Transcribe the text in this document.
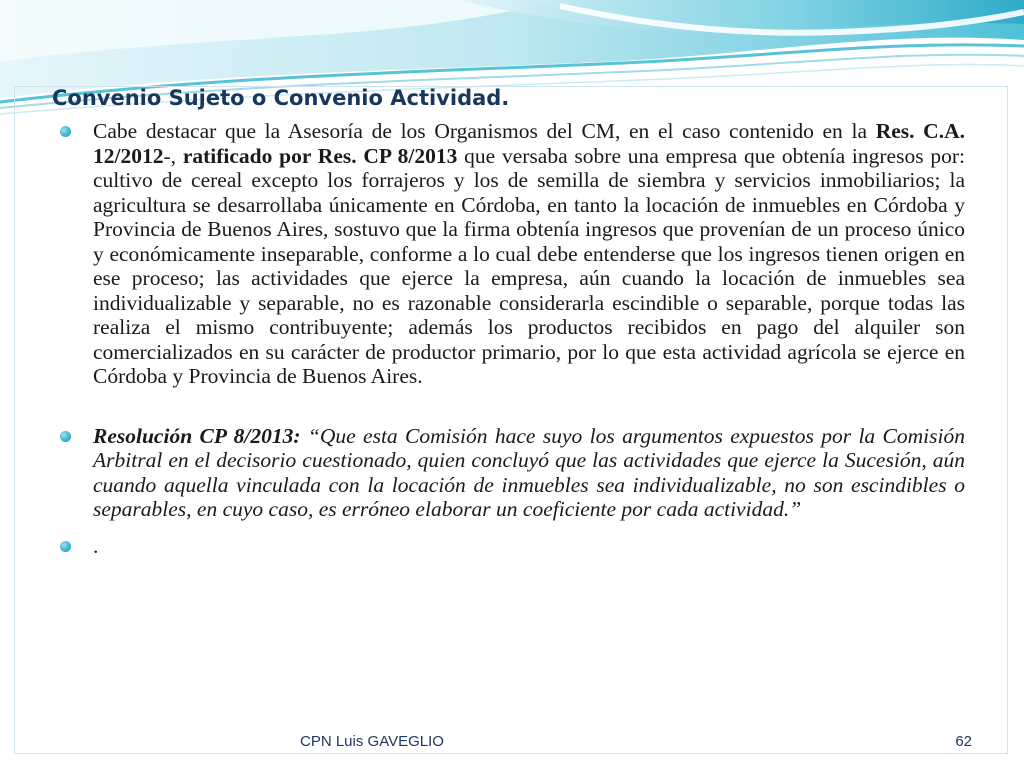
Convenio Sujeto o Convenio Actividad.

Cabe destacar que la Asesoría de los Organismos del CM, en el caso contenido en la Res. C.A. 12/2012-, ratificado por Res. CP 8/2013 que versaba sobre una empresa que obtenía ingresos por: cultivo de cereal excepto los forrajeros y los de semilla de siembra y servicios inmobiliarios; la agricultura se desarrollaba únicamente en Córdoba, en tanto la locación de inmuebles en Córdoba y Provincia de Buenos Aires, sostuvo que la firma obtenía ingresos que provenían de un proceso único y económicamente inseparable, conforme a lo cual debe entenderse que los ingresos tienen origen en ese proceso; las actividades que ejerce la empresa, aún cuando la locación de inmuebles sea individualizable y separable, no es razonable considerarla escindible o separable, porque todas las realiza el mismo contribuyente; además los productos recibidos en pago del alquiler son comercializados en su carácter de productor primario, por lo que esta actividad agrícola se ejerce en Córdoba y Provincia de Buenos Aires.

Resolución CP 8/2013: “Que esta Comisión hace suyo los argumentos expuestos por la Comisión Arbitral en el decisorio cuestionado, quien concluyó que las actividades que ejerce la Sucesión, aún cuando aquella vinculada con la locación de inmuebles sea individualizable, no son escindibles o separables, en cuyo caso, es erróneo elaborar un coeficiente por cada actividad.”

.

CPN Luis GAVEGLIO	62
